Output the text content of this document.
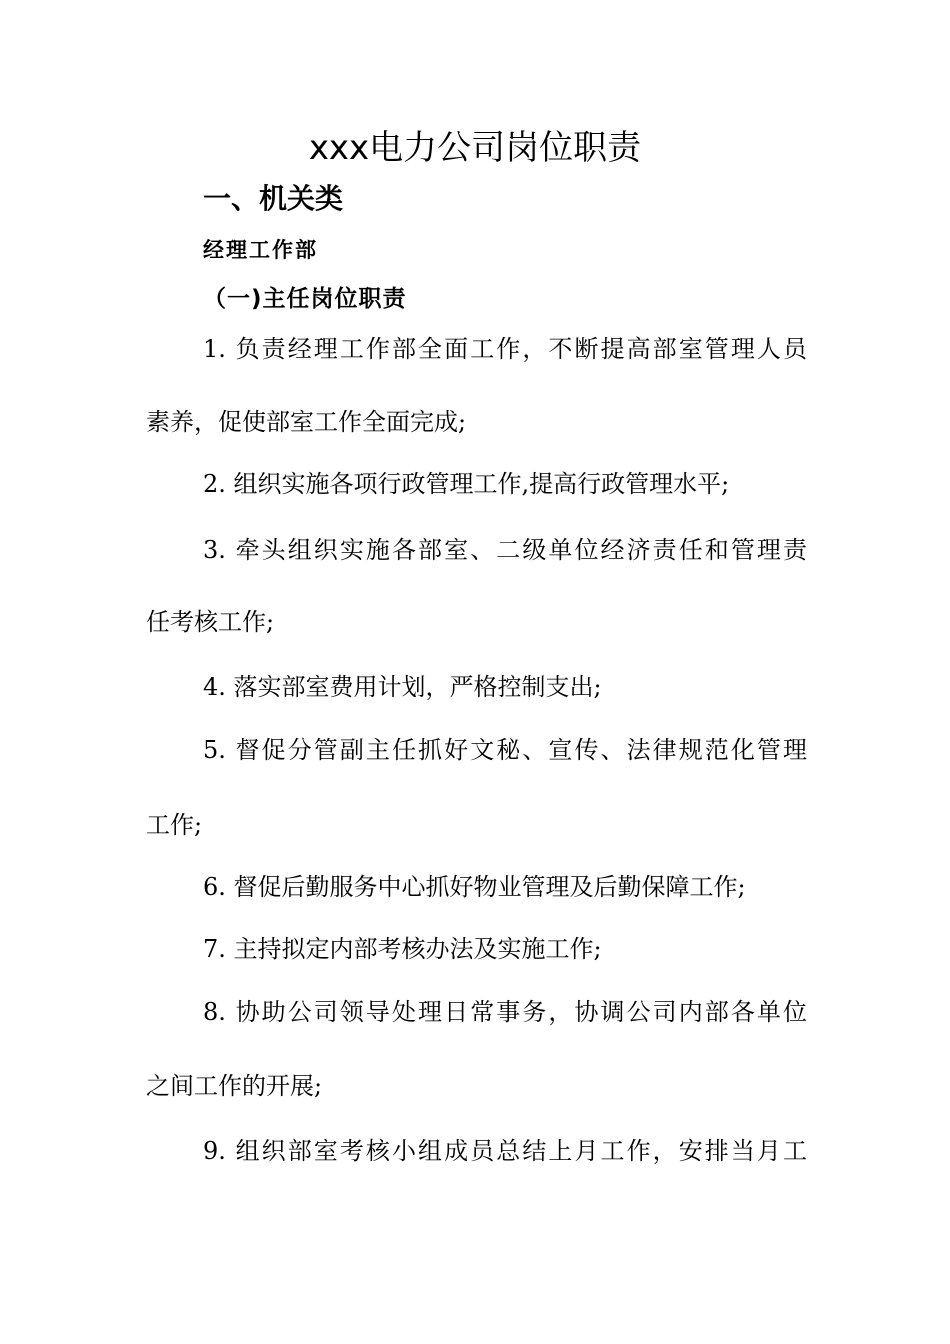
xxx电力公司岗位职责
一、机关类
经理工作部
（一)主任岗位职责
1. 负责经理工作部全面工作，不断提高部室管理人员
素养，促使部室工作全面完成;
2. 组织实施各项行政管理工作,提高行政管理水平;
3. 牵头组织实施各部室、二级单位经济责任和管理责
任考核工作;
4. 落实部室费用计划，严格控制支出;
5. 督促分管副主任抓好文秘、宣传、法律规范化管理
工作;
6. 督促后勤服务中心抓好物业管理及后勤保障工作;
7. 主持拟定内部考核办法及实施工作;
8. 协助公司领导处理日常事务，协调公司内部各单位
之间工作的开展;
9. 组织部室考核小组成员总结上月工作，安排当月工
